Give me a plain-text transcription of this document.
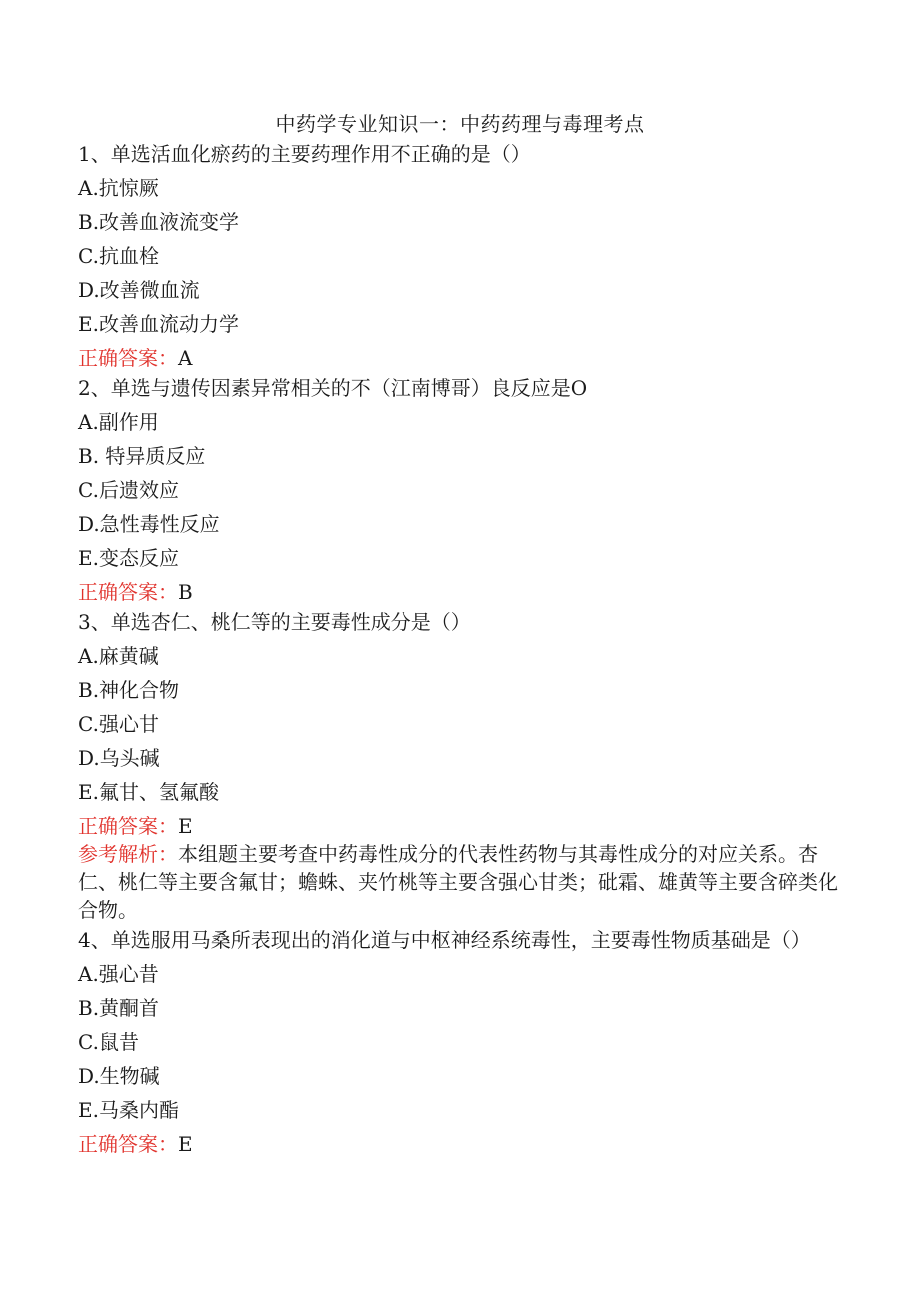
中药学专业知识一：中药药理与毒理考点
1、单选活血化瘀药的主要药理作用不正确的是（）
A.抗惊厥
B.改善血液流变学
C.抗血栓
D.改善微血流
E.改善血流动力学
正确答案：A
2、单选与遗传因素异常相关的不（江南博哥）良反应是O
A.副作用
B. 特异质反应
C.后遗效应
D.急性毒性反应
E.变态反应
正确答案：B
3、单选杏仁、桃仁等的主要毒性成分是（）
A.麻黄碱
B.神化合物
C.强心甘
D.乌头碱
E.氟甘、氢氟酸
正确答案：E
参考解析：本组题主要考查中药毒性成分的代表性药物与其毒性成分的对应关系。杏仁、桃仁等主要含氟甘；蟾蛛、夹竹桃等主要含强心甘类；砒霜、雄黄等主要含碎类化合物。
4、单选服用马桑所表现出的消化道与中枢神经系统毒性，主要毒性物质基础是（）
A.强心昔
B.黄酮首
C.鼠昔
D.生物碱
E.马桑内酯
正确答案：E
